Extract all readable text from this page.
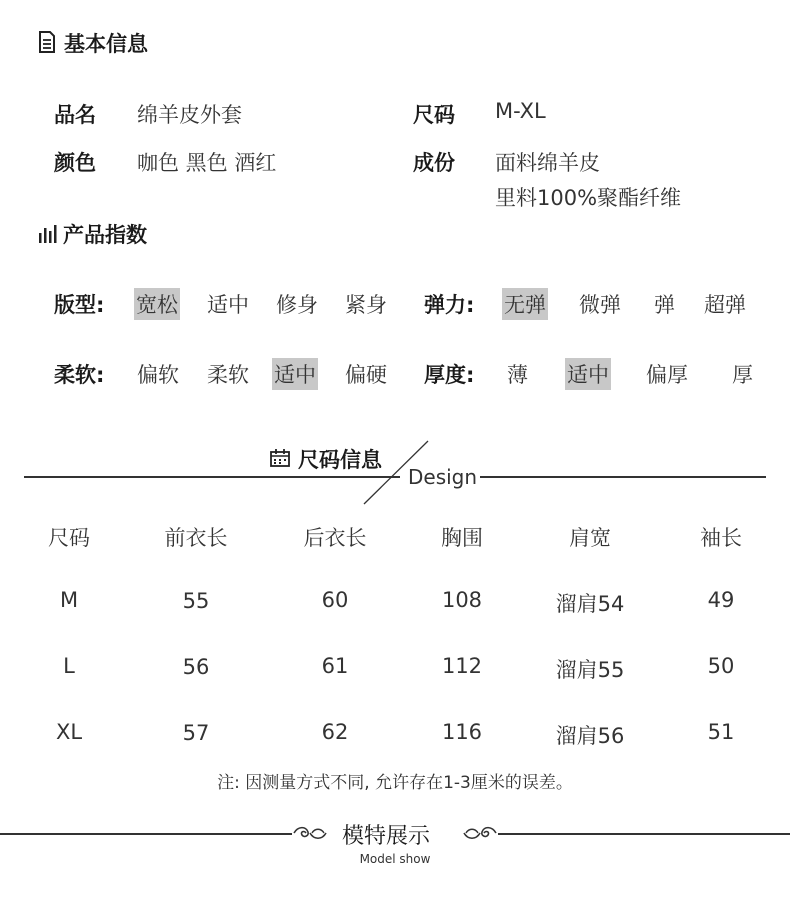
基本信息
品名 绵羊皮外套	尺码 M-XL
颜色 咖色 黑色 酒红	成份 面料绵羊皮
里料100%聚酯纤维
产品指数
版型: 宽松 适中 修身 紧身 弹力: 无弹 微弹 弹 超弹
柔软: 偏软 柔软 适中 偏硬 厚度: 薄 适中 偏厚 厚
尺码信息
Design
尺码	前衣长	后衣长	胸围	肩宽	袖长
M	55	60	108	溜肩54	49
L	56	61	112	溜肩55	50
XL	57	62	116	溜肩56	51
注: 因测量方式不同, 允许存在1-3厘米的误差。
模特展示
Model show
